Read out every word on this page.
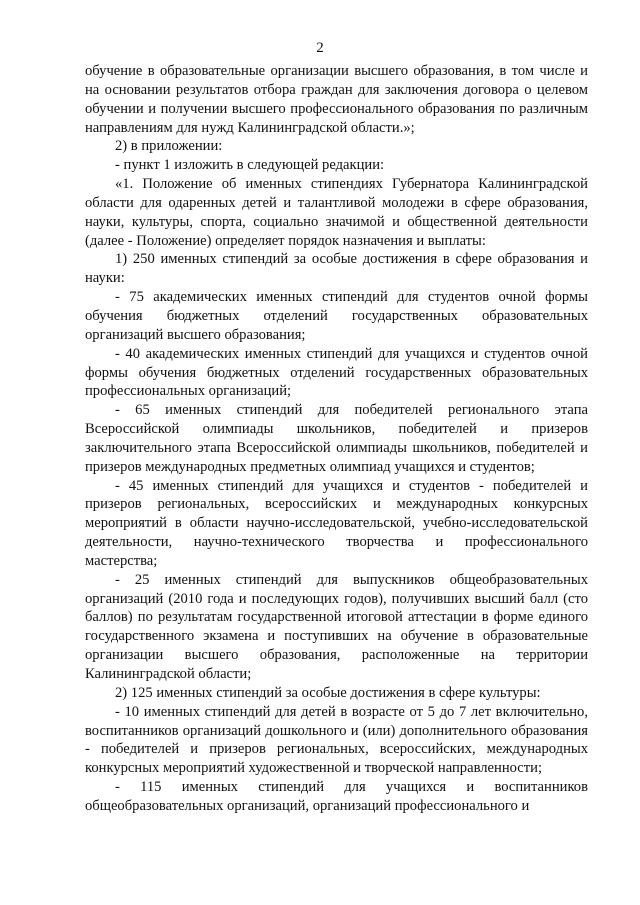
2

обучение в образовательные организации высшего образования, в том числе и на основании результатов отбора граждан для заключения договора о целевом обучении и получении высшего профессионального образования по различным направлениям для нужд Калининградской области.»;

2) в приложении:

- пункт 1 изложить в следующей редакции:

«1. Положение об именных стипендиях Губернатора Калининградской области для одаренных детей и талантливой молодежи в сфере образования, науки, культуры, спорта, социально значимой и общественной деятельности (далее - Положение) определяет порядок назначения и выплаты:

1) 250 именных стипендий за особые достижения в сфере образования и науки:

- 75 академических именных стипендий для студентов очной формы обучения бюджетных отделений государственных образовательных организаций высшего образования;

- 40 академических именных стипендий для учащихся и студентов очной формы обучения бюджетных отделений государственных образовательных профессиональных организаций;

- 65 именных стипендий для победителей регионального этапа Всероссийской олимпиады школьников, победителей и призеров заключительного этапа Всероссийской олимпиады школьников, победителей и призеров международных предметных олимпиад учащихся и студентов;

- 45 именных стипендий для учащихся и студентов - победителей и призеров региональных, всероссийских и международных конкурсных мероприятий в области научно-исследовательской, учебно-исследовательской деятельности, научно-технического творчества и профессионального мастерства;

- 25 именных стипендий для выпускников общеобразовательных организаций (2010 года и последующих годов), получивших высший балл (сто баллов) по результатам государственной итоговой аттестации в форме единого государственного экзамена и поступивших на обучение в образовательные организации высшего образования, расположенные на территории Калининградской области;

2) 125 именных стипендий за особые достижения в сфере культуры:

- 10 именных стипендий для детей в возрасте от 5 до 7 лет включительно, воспитанников организаций дошкольного и (или) дополнительного образования - победителей и призеров региональных, всероссийских, международных конкурсных мероприятий художественной и творческой направленности;

- 115 именных стипендий для учащихся и воспитанников общеобразовательных организаций, организаций профессионального и
